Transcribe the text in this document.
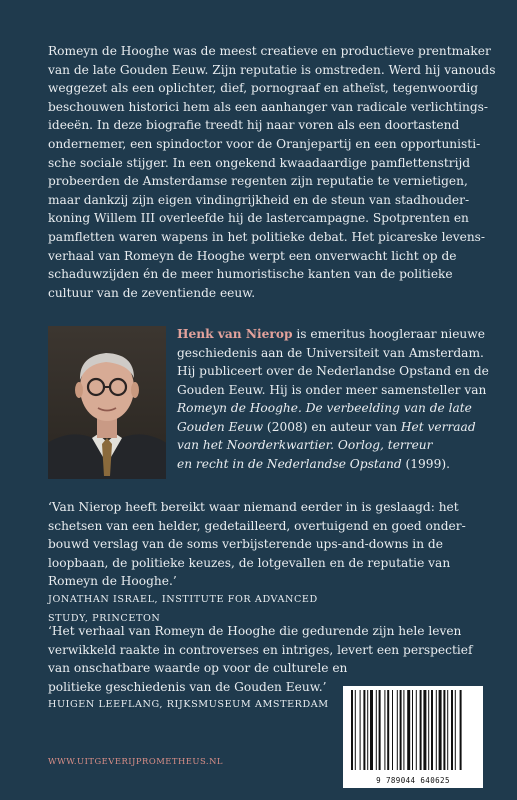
Romeyn de Hooghe was de meest creatieve en productieve prentmaker
van de late Gouden Eeuw. Zijn reputatie is omstreden. Werd hij vanouds
weggezet als een oplichter, dief, pornograaf en atheïst, tegenwoordig
beschouwen historici hem als een aanhanger van radicale verlichtings-
ideeën. In deze biografie treedt hij naar voren als een doortastend
ondernemer, een spindoctor voor de Oranjepartij en een opportunisti-
sche sociale stijger. In een ongekend kwaadaardige pamflettenstrijd
probeerden de Amsterdamse regenten zijn reputatie te vernietigen,
maar dankzij zijn eigen vindingrijkheid en de steun van stadhouder-
koning Willem III overleefde hij de lastercampagne. Spotprenten en
pamfletten waren wapens in het politieke debat. Het picareske levens-
verhaal van Romeyn de Hooghe werpt een onverwacht licht op de
schaduwzijden én de meer humoristische kanten van de politieke
cultuur van de zeventiende eeuw.
Henk van Nierop is emeritus hoogleraar nieuwe
geschiedenis aan de Universiteit van Amsterdam.
Hij publiceert over de Nederlandse Opstand en de
Gouden Eeuw. Hij is onder meer samensteller van
Romeyn de Hooghe. De verbeelding van de late
Gouden Eeuw (2008) en auteur van Het verraad
van het Noorderkwartier. Oorlog, terreur
en recht in de Nederlandse Opstand (1999).
‘Van Nierop heeft bereikt waar niemand eerder in is geslaagd: het
schetsen van een helder, gedetailleerd, overtuigend en goed onder-
bouwd verslag van de soms verbijsterende ups-and-downs in de
loopbaan, de politieke keuzes, de lotgevallen en de reputatie van
Romeyn de Hooghe.’
JONATHAN ISRAEL, INSTITUTE FOR ADVANCED
STUDY, PRINCETON
‘Het verhaal van Romeyn de Hooghe die gedurende zijn hele leven
verwikkeld raakte in controverses en intriges, levert een perspectief
van onschatbare waarde op voor de culturele en
politieke geschiedenis van de Gouden Eeuw.’
HUIGEN LEEFLANG, RIJKSMUSEUM AMSTERDAM
9 789044 640625
WWW.UITGEVERIJPROMETHEUS.NL
